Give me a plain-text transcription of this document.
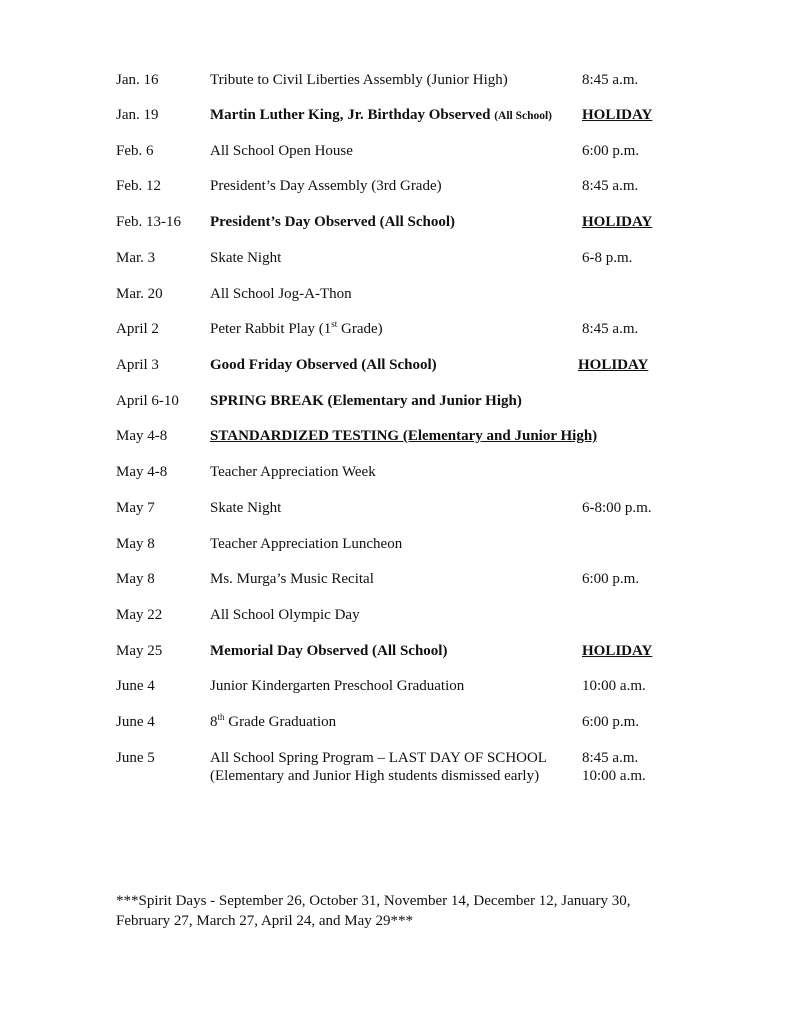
Jan. 16	Tribute to Civil Liberties Assembly (Junior High)	8:45 a.m.
Jan. 19	Martin Luther King, Jr. Birthday Observed (All School) HOLIDAY
Feb. 6	All School Open House	6:00 p.m.
Feb. 12	President’s Day Assembly (3rd Grade)	8:45 a.m.
Feb. 13-16 President’s Day Observed (All School)	HOLIDAY
Mar. 3	Skate Night	6-8 p.m.
Mar. 20	All School Jog-A-Thon
April 2	Peter Rabbit Play (1st Grade)	8:45 a.m.
April 3	Good Friday Observed (All School)	HOLIDAY
April 6-10 SPRING BREAK (Elementary and Junior High)
May 4-8	STANDARDIZED TESTING (Elementary and Junior High)
May 4-8	Teacher Appreciation Week
May 7	Skate Night	6-8:00 p.m.
May 8	Teacher Appreciation Luncheon
May 8	Ms. Murga’s Music Recital	6:00 p.m.
May 22	All School Olympic Day
May 25	Memorial Day Observed (All School)	HOLIDAY
June 4	Junior Kindergarten Preschool Graduation	10:00 a.m.
June 4	8th Grade Graduation	6:00 p.m.
June 5	All School Spring Program – LAST DAY OF SCHOOL 8:45 a.m.
(Elementary and Junior High students dismissed early)	10:00 a.m.
***Spirit Days - September 26, October 31, November 14, December 12, January 30, February 27, March 27, April 24, and May 29***
